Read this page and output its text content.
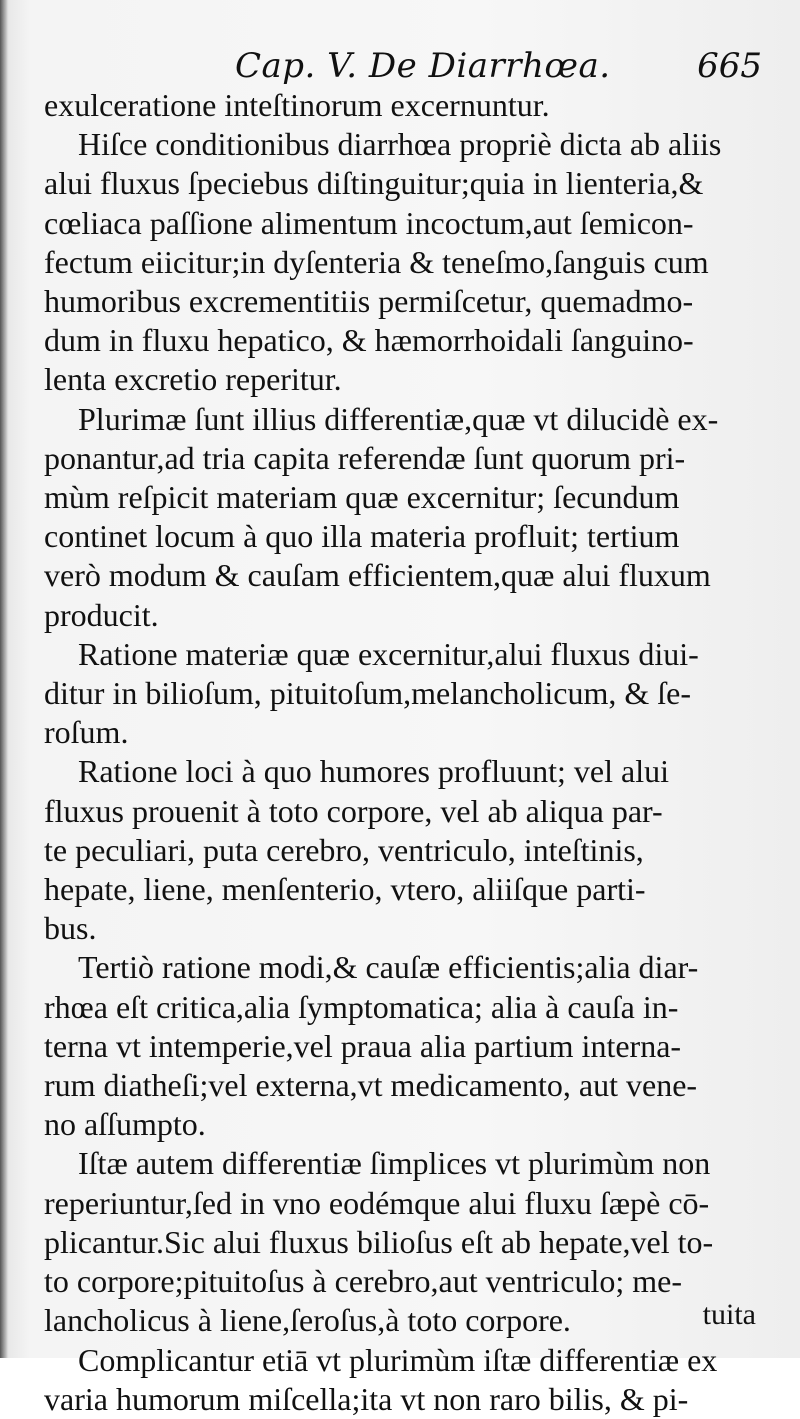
Cap. V. De Diarrhœa.	665
exulceratione inteſtinorum excernuntur.
Hiſce conditionibus diarrhœa propriè dicta ab aliis
alui fluxus ſpeciebus diſtinguitur;quia in lienteria,&
cœliaca paſſione alimentum incoctum,aut ſemicon-
fectum eiicitur;in dyſenteria & teneſmo,ſanguis cum
humoribus excrementitiis permiſcetur, quemadmo-
dum in fluxu hepatico, & hæmorrhoidali ſanguino-
lenta excretio reperitur.
Plurimæ ſunt illius differentiæ,quæ vt dilucidè ex-
ponantur,ad tria capita referendæ ſunt quorum pri-
mùm reſpicit materiam quæ excernitur; ſecundum
continet locum à quo illa materia profluit; tertium
verò modum & cauſam efficientem,quæ alui fluxum
producit.
Ratione materiæ quæ excernitur,alui fluxus diui-
ditur in bilioſum, pituitoſum,melancholicum, & ſe-
roſum.
Ratione loci à quo humores profluunt; vel alui
fluxus prouenit à toto corpore, vel ab aliqua par-
te peculiari, puta cerebro, ventriculo, inteſtinis,
hepate, liene, menſenterio, vtero, aliiſque parti-
bus.
Tertiò ratione modi,& cauſæ efficientis;alia diar-
rhœa eſt critica,alia ſymptomatica; alia à cauſa in-
terna vt intemperie,vel praua alia partium interna-
rum diatheſi;vel externa,vt medicamento, aut vene-
no aſſumpto.
Iſtæ autem differentiæ ſimplices vt plurimùm non
reperiuntur,ſed in vno eodémque alui fluxu ſæpè cō-
plicantur.Sic alui fluxus bilioſus eſt ab hepate,vel to-
to corpore;pituitoſus à cerebro,aut ventriculo; me-
lancholicus à liene,ſeroſus,à toto corpore.
Complicantur etiā vt plurimùm iſtæ differentiæ ex
varia humorum miſcella;ita vt non raro bilis, & pi-
tuita
